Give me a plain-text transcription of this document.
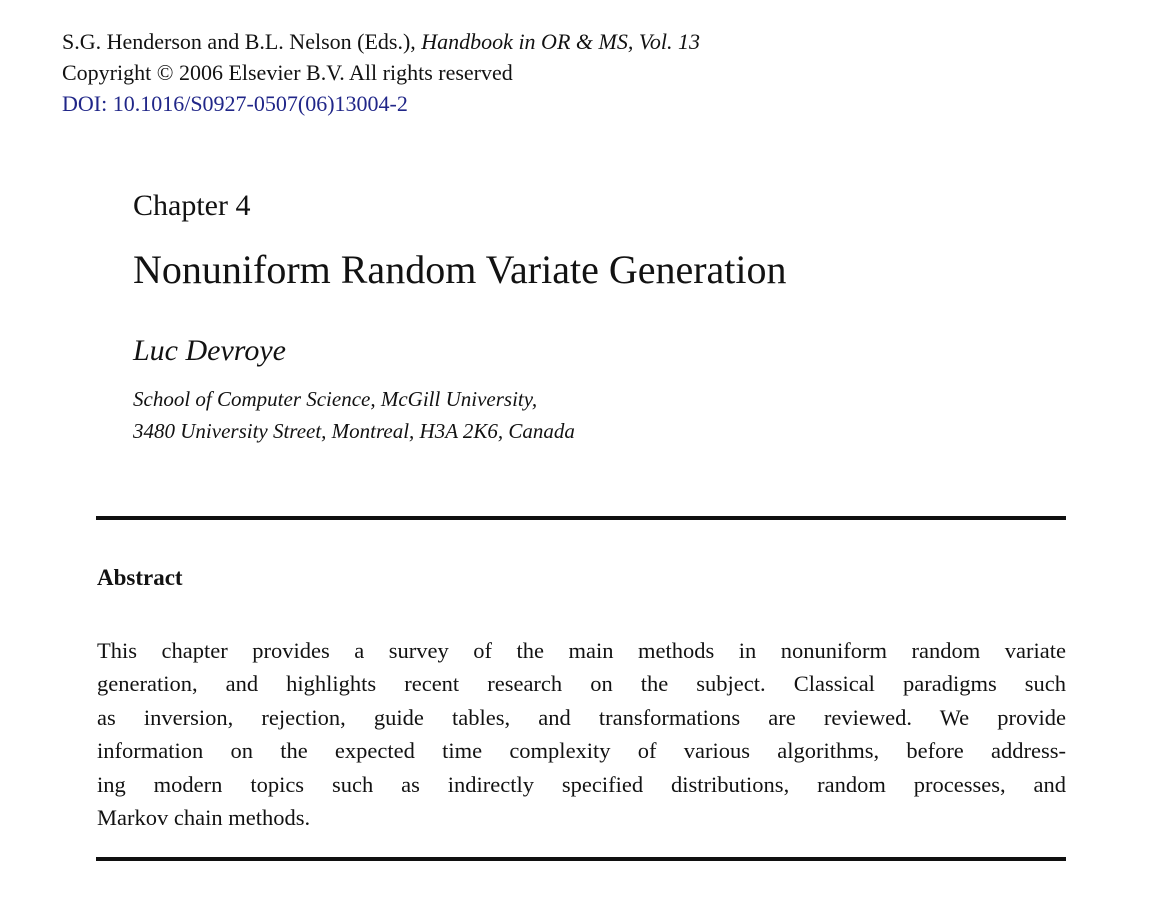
S.G. Henderson and B.L. Nelson (Eds.), Handbook in OR & MS, Vol. 13
Copyright © 2006 Elsevier B.V. All rights reserved
DOI: 10.1016/S0927-0507(06)13004-2
Chapter 4
Nonuniform Random Variate Generation
Luc Devroye
School of Computer Science, McGill University,
3480 University Street, Montreal, H3A 2K6, Canada
Abstract
This chapter provides a survey of the main methods in nonuniform random variate
generation, and highlights recent research on the subject. Classical paradigms such
as inversion, rejection, guide tables, and transformations are reviewed. We provide
information on the expected time complexity of various algorithms, before address-
ing modern topics such as indirectly specified distributions, random processes, and
Markov chain methods.
